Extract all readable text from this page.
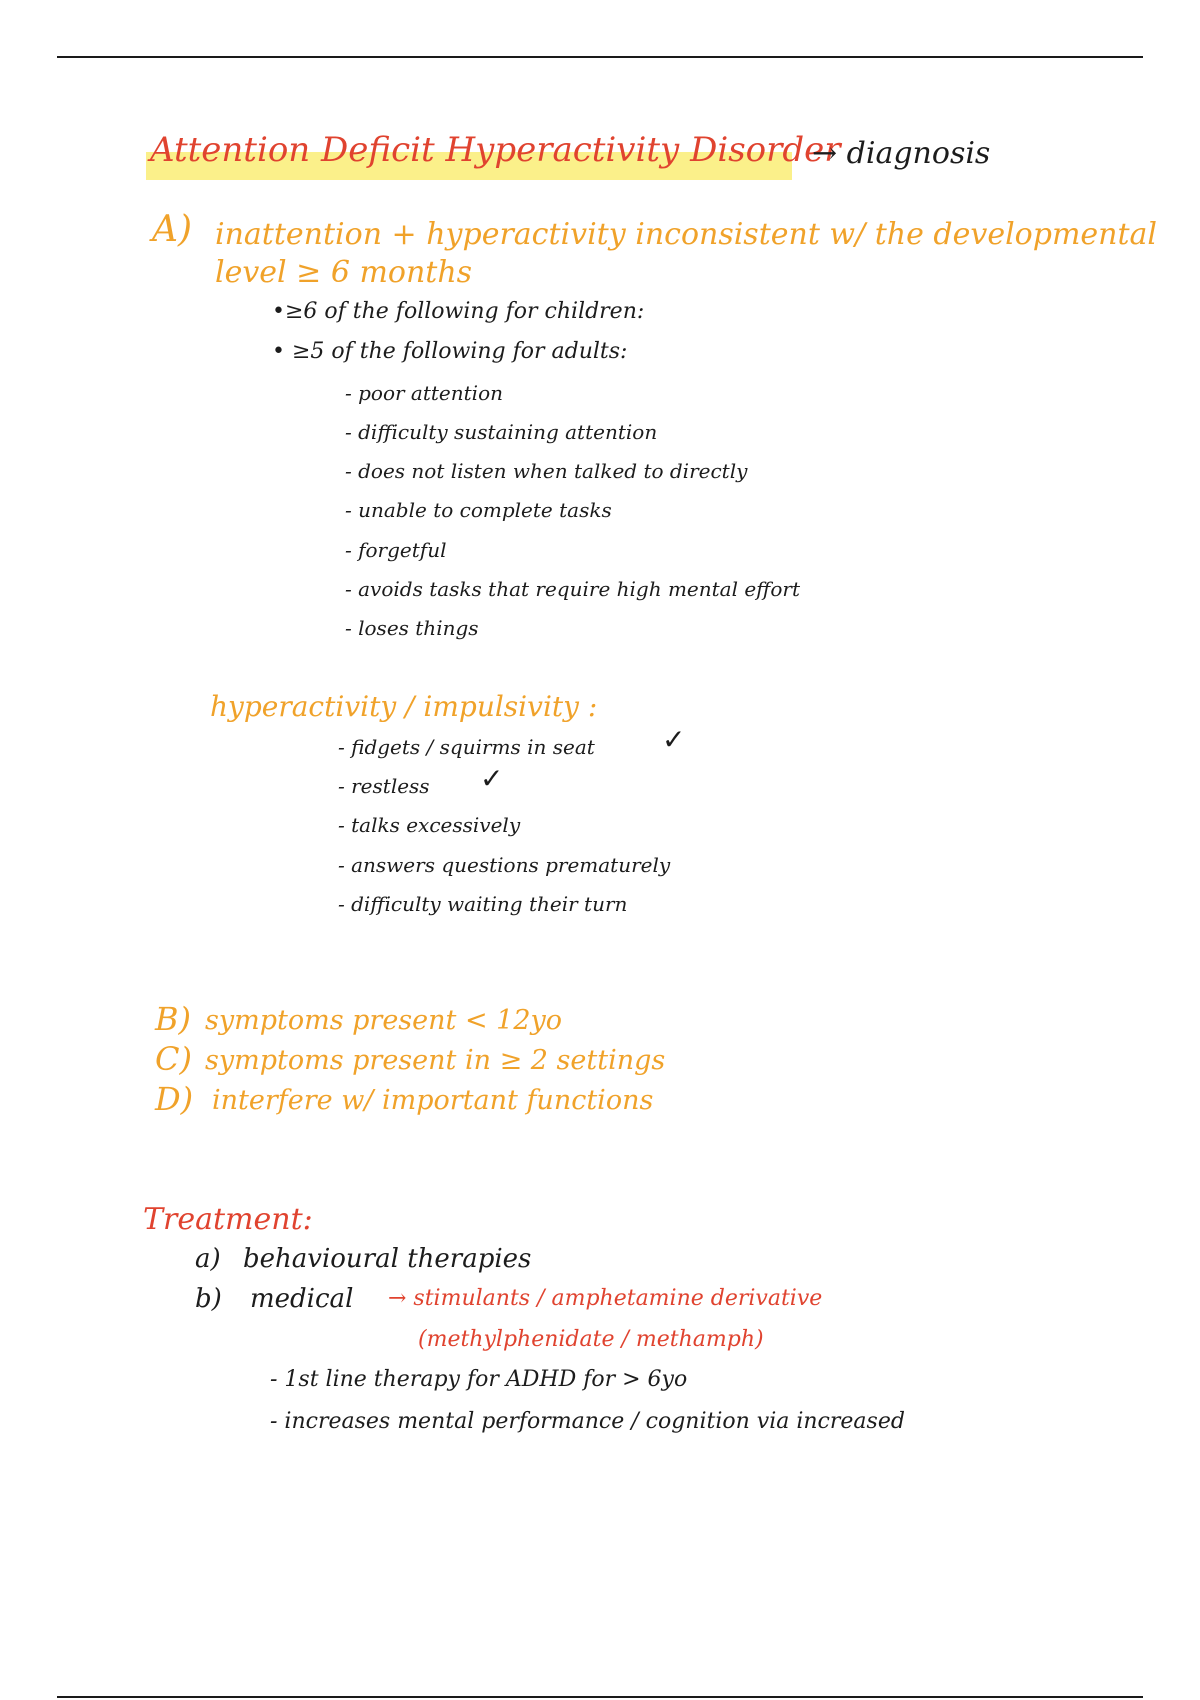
Attention Deficit Hyperactivity Disorder
→ diagnosis
A) inattention + hyperactivity inconsistent w/ the developmental
level ≥ 6 months
•≥6 of the following for children:
• ≥5 of the following for adults:
- poor attention
- difficulty sustaining attention
- does not listen when talked to directly
- unable to complete tasks
- forgetful
- avoids tasks that require high mental effort
- loses things
hyperactivity / impulsivity :
- fidgets / squirms in seat ✓
- restless ✓
- talks excessively
- answers questions prematurely
- difficulty waiting their turn
B) symptoms present < 12yo
C) symptoms present in ≥ 2 settings
D) interfere w/ important functions
Treatment:
a) behavioural therapies
b) medical → stimulants / amphetamine derivative
(methylphenidate / methamph)
- 1st line therapy for ADHD for > 6yo
- increases mental performance / cognition via increased
